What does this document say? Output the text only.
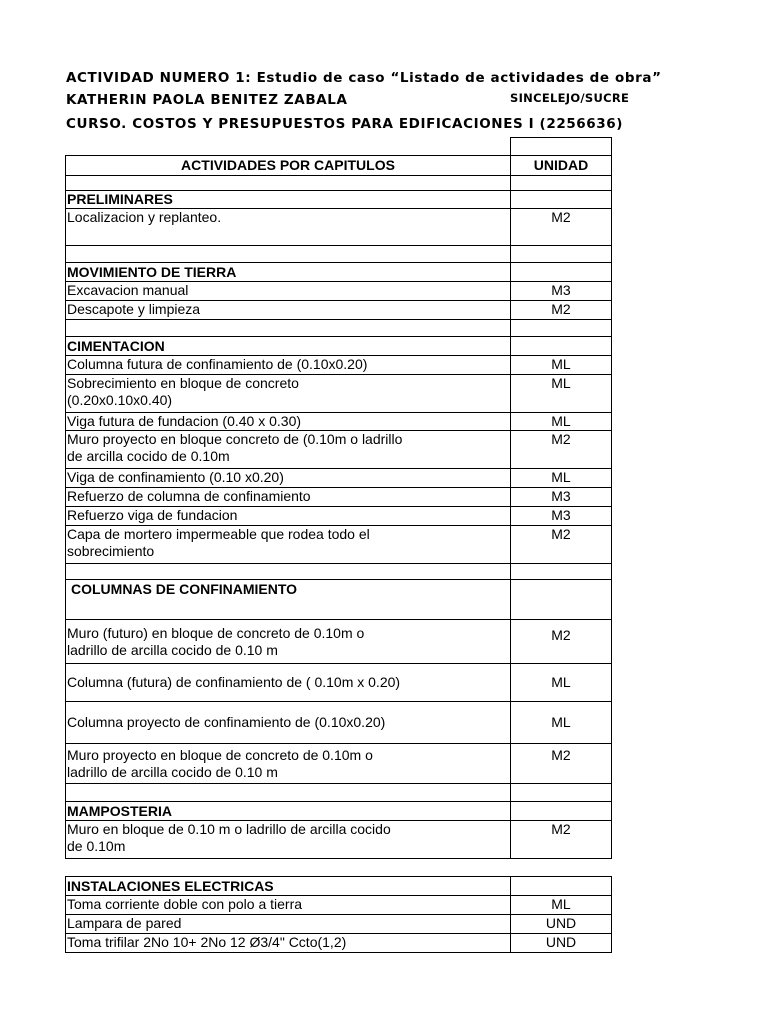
ACTIVIDAD NUMERO 1: Estudio de caso “Listado de actividades de obra”
KATHERIN PAOLA BENITEZ ZABALA	SINCELEJO/SUCRE
CURSO. COSTOS Y PRESUPUESTOS PARA EDIFICACIONES I (2256636)

ACTIVIDADES POR CAPITULOS	UNIDAD

PRELIMINARES	
Localizacion y replanteo.	M2

MOVIMIENTO DE TIERRA	
Excavacion manual	M3
Descapote y limpieza	M2

CIMENTACION	
Columna futura de confinamiento de (0.10x0.20)	ML

Sobrecimiento en bloque de concreto
(0.20x0.10x0.40)	ML
Viga futura de fundacion (0.40 x 0.30)	ML

Muro proyecto en bloque concreto de (0.10m o ladrillo
de arcilla cocido de 0.10m	M2
Viga de confinamiento (0.10 x0.20)	ML
Refuerzo de columna de confinamiento	M3
Refuerzo viga de fundacion	M3

Capa de mortero impermeable que rodea todo el
sobrecimiento	M2

COLUMNAS DE CONFINAMIENTO	

Muro (futuro) en bloque de concreto de 0.10m o
ladrillo de arcilla cocido de 0.10 m	M2
Columna (futura) de confinamiento de ( 0.10m x 0.20)	ML
Columna proyecto de confinamiento de (0.10x0.20)	ML

Muro proyecto en bloque de concreto de 0.10m o
ladrillo de arcilla cocido de 0.10 m	M2

MAMPOSTERIA	

Muro en bloque de 0.10 m o ladrillo de arcilla cocido
de 0.10m	M2

INSTALACIONES ELECTRICAS	
Toma corriente doble con polo a tierra	ML
Lampara de pared	UND
Toma trifilar 2No 10+ 2No 12 Ø3/4" Ccto(1,2)	UND
